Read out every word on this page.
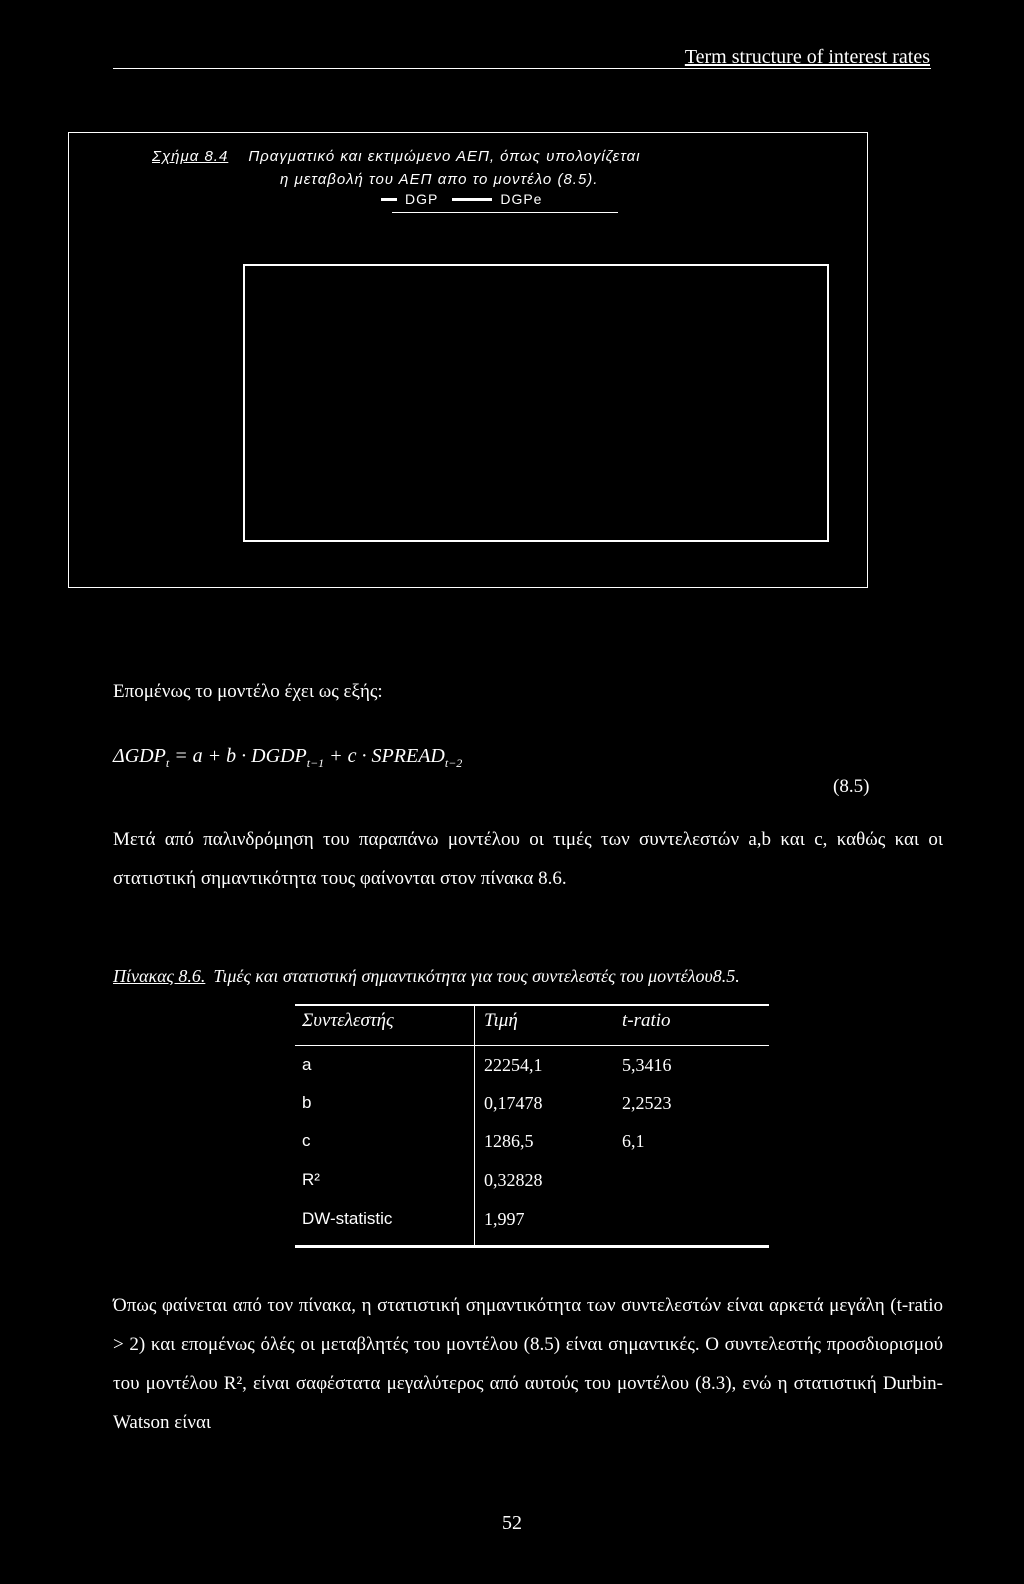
Term structure of interest rates
Σχήμα 8.4 Πραγματικό και εκτιμώμενο ΑΕΠ, όπως υπολογίζεται
η μεταβολή του ΑΕΠ απο το μοντέλο (8.5).
DGP	DGPe
Επομένως το μοντέλο έχει ως εξής:
$\Delta GDP_t = a + b$ · $DGDP_{t-1} + c$ · $SPREAD_{t-2}$
(8.5)
Μετά από παλινδρόμηση του παραπάνω μοντέλου οι τιμές των συντελεστών a,b και c, καθώς και οι στατιστική σημαντικότητα τους φαίνονται στον πίνακα 8.6.
Πίνακας 8.6. Τιμές και στατιστική σημαντικότητα για τους συντελεστές του μοντέλου8.5.
Συντελεστής	Τιμή	t-ratio
a	22254,1	5,3416
b	0,17478	2,2523
c	1286,5	6,1
R²	0,32828
DW-statistic	1,997
Όπως φαίνεται από τον πίνακα, η στατιστική σημαντικότητα των συντελεστών είναι αρκετά μεγάλη (t-ratio > 2) και επομένως όλές οι μεταβλητές του μοντέλου (8.5) είναι σημαντικές. Ο συντελεστής προσδιορισμού του μοντέλου R², είναι σαφέστατα μεγαλύτερος από αυτούς του μοντέλου (8.3), ενώ η στατιστική Durbin-Watson είναι
52
